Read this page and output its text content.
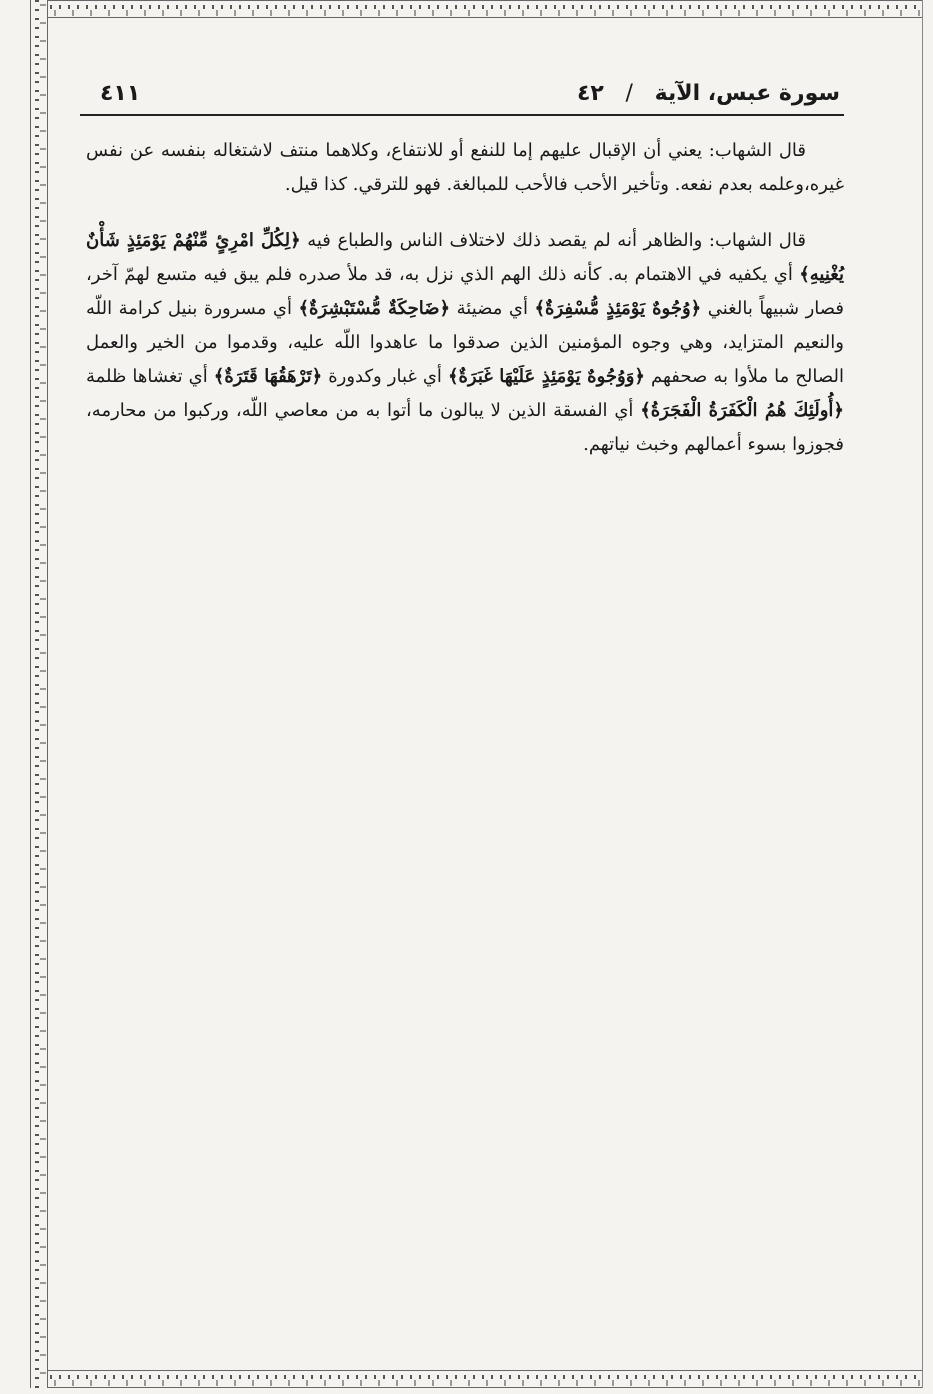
سورة عبس، الآية / ٤٢
٤١١

قال الشهاب: يعني أن الإقبال عليهم إما للنفع أو للانتفاع، وكلاهما منتف لاشتغاله بنفسه عن نفس غيره،وعلمه بعدم نفعه. وتأخير الأحب فالأحب للمبالغة. فهو للترقي. كذا قيل.

قال الشهاب: والظاهر أنه لم يقصد ذلك لاختلاف الناس والطباع فيه ﴿لِكُلِّ امْرِئٍ مِّنْهُمْ يَوْمَئِذٍ شَأْنٌ يُغْنِيهِ﴾ أي يكفيه في الاهتمام به. كأنه ذلك الهم الذي نزل به، قد ملأ صدره فلم يبق فيه متسع لهمّ آخر، فصار شبيهاً بالغني ﴿وُجُوهٌ يَوْمَئِذٍ مُّسْفِرَةٌ﴾ أي مضيئة ﴿ضَاحِكَةٌ مُّسْتَبْشِرَةٌ﴾ أي مسرورة بنيل كرامة اللّه والنعيم المتزايد، وهي وجوه المؤمنين الذين صدقوا ما عاهدوا اللّه عليه، وقدموا من الخير والعمل الصالح ما ملأوا به صحفهم ﴿وَوُجُوهٌ يَوْمَئِذٍ عَلَيْهَا غَبَرَةٌ﴾ أي غبار وكدورة ﴿تَرْهَقُهَا قَتَرَةٌ﴾ أي تغشاها ظلمة ﴿أُولَئِكَ هُمُ الْكَفَرَةُ الْفَجَرَةُ﴾ أي الفسقة الذين لا يبالون ما أتوا به من معاصي اللّه، وركبوا من محارمه، فجوزوا بسوء أعمالهم وخبث نياتهم.
